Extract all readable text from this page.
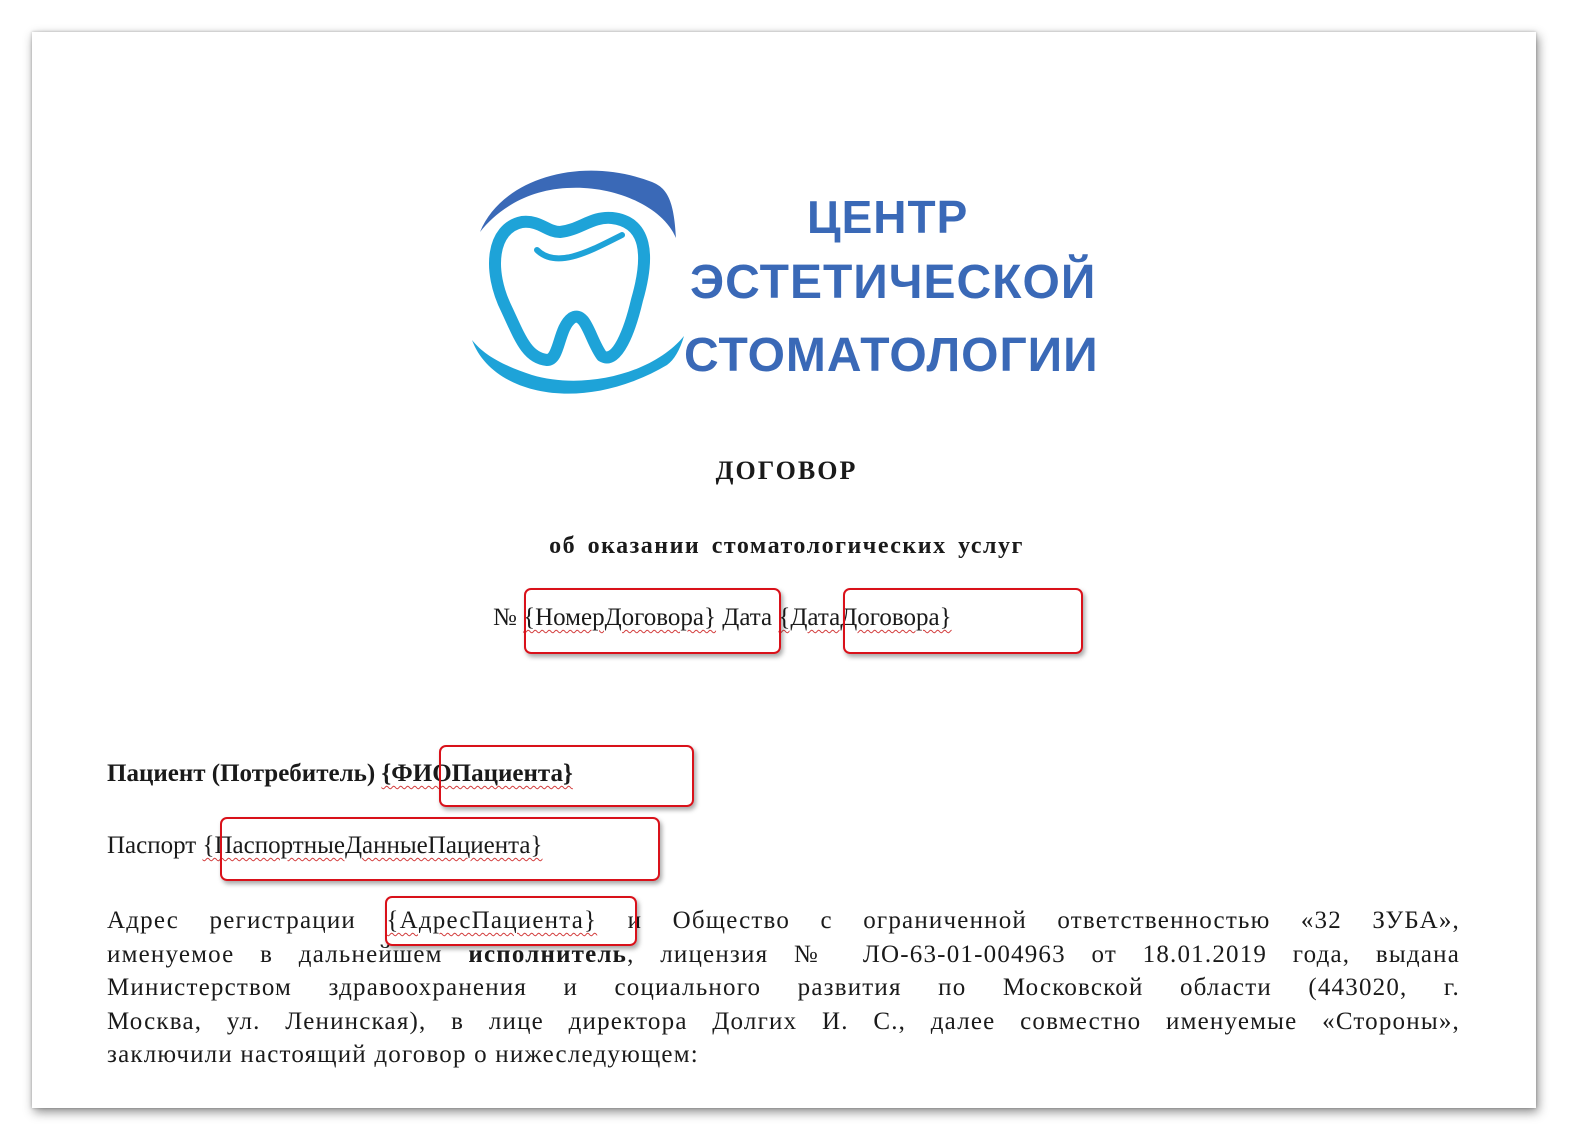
ЦЕНТР
ЭСТЕТИЧЕСКОЙ
СТОМАТОЛОГИИ
ДОГОВОР
об оказании стоматологических услуг
№ {НомерДоговора} Дата {ДатаДоговора}
Пациент (Потребитель) {ФИОПациента}
Паспорт {ПаспортныеДанныеПациента}
Адрес регистрации {АдресПациента} и Общество с ограниченной ответственностью «32 ЗУБА»,
именуемое в дальнейшем исполнитель, лицензия № ЛО-63-01-004963 от 18.01.2019 года, выдана
Министерством здравоохранения и социального развития по Московской области (443020, г.
Москва, ул. Ленинская), в лице директора Долгих И. С., далее совместно именуемые «Стороны»,
заключили настоящий договор о нижеследующем:
